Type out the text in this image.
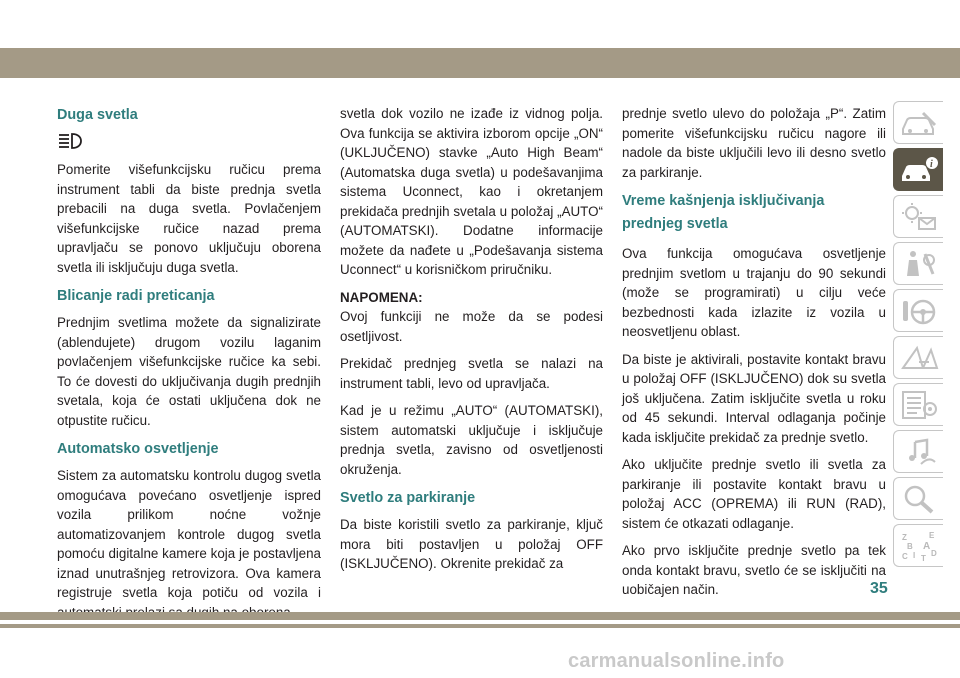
Duga svetla

Pomerite višefunkcijsku ručicu prema instrument tabli da biste prednja svetla prebacili na duga svetla. Povlačenjem višefunkcijske ručice nazad prema upravljaču se ponovo uključuju oborena svetla ili isključuju duga svetla.

Blicanje radi preticanja

Prednjim svetlima možete da signalizirate (ablendujete) drugom vozilu laganim povlačenjem višefunkcijske ručice ka sebi. To će dovesti do uključivanja dugih prednjih svetala, koja će ostati uključena dok ne otpustite ručicu.

Automatsko osvetljenje

Sistem za automatsku kontrolu dugog svetla omogućava povećano osvetljenje ispred vozila prilikom noćne vožnje automatizovanjem kontrole dugog svetla pomoću digitalne kamere koja je postavljena iznad unutrašnjeg retrovizora. Ova kamera registruje svetla koja potiču od vozila i

svetla dok vozilo ne izađe iz vidnog polja. Ova funkcija se aktivira izborom opcije „ON“ (UKLJUČENO) stavke „Auto High Beam“ (Automatska duga svetla) u podešavanjima sistema Uconnect, kao i okretanjem prekidača prednjih svetala u položaj „AUTO“ (AUTOMATSKI). Dodatne informacije možete da nađete u „Podešavanja sistema Uconnect“ u korisničkom priručniku.

NAPOMENA:

Ovoj funkciji ne može da se podesi osetljivost.

Prekidač prednjeg svetla se nalazi na instrument tabli, levo od upravljača.

Kad je u režimu „AUTO“ (AUTOMATSKI), sistem automatski uključuje i isključuje prednja svetla, zavisno od osvetljenosti okruženja.

Svetlo za parkiranje

Da biste koristili svetlo za parkiranje, ključ mora biti postavljen u položaj OFF (ISKLJUČENO). Okrenite prekidač za

prednje svetlo ulevo do položaja „P“. Zatim pomerite višefunkcijsku ručicu nagore ili nadole da biste uključili levo ili desno svetlo za parkiranje.

Vreme kašnjenja isključivanja prednjeg svetla

Ova funkcija omogućava osvetljenje prednjim svetlom u trajanju do 90 sekundi (može se programirati) u cilju veće bezbednosti kada izlazite iz vozila u neosvetljenu oblast.

Da biste je aktivirali, postavite kontakt bravu u položaj OFF (ISKLJUČENO) dok su svetla još uključena. Zatim isključite svetla u roku od 45 sekundi. Interval odlaganja počinje kada isključite prekidač za prednje svetlo.

Ako uključite prednje svetlo ili svetla za parkiranje ili postavite kontakt bravu u položaj ACC (OPREMA) ili RUN (RAD), sistem će otkazati odlaganje.

Ako prvo isključite prednje svetlo pa tek onda kontakt bravu, svetlo će se isključiti na uobičajen način.

i
Z	E
B A
C	D
I T
35
carmanualsonline.info
